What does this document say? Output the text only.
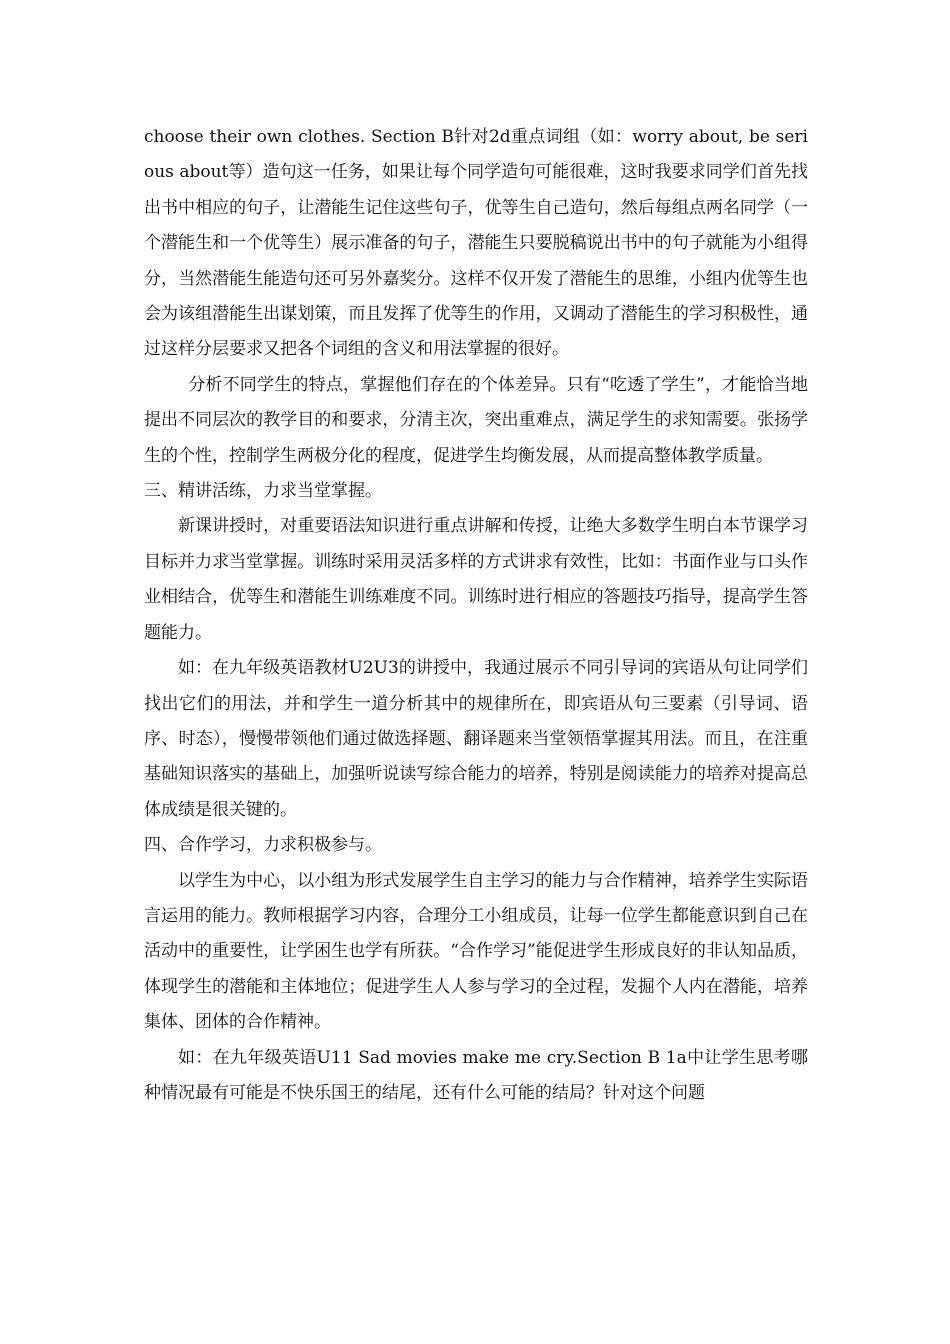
choose their own clothes. Section B针对2d重点词组（如：worry about, be serious about等）造句这一任务，如果让每个同学造句可能很难，这时我要求同学们首先找出书中相应的句子，让潜能生记住这些句子，优等生自己造句，然后每组点两名同学（一个潜能生和一个优等生）展示准备的句子，潜能生只要脱稿说出书中的句子就能为小组得分，当然潜能生能造句还可另外嘉奖分。这样不仅开发了潜能生的思维，小组内优等生也会为该组潜能生出谋划策，而且发挥了优等生的作用，又调动了潜能生的学习积极性，通过这样分层要求又把各个词组的含义和用法掌握的很好。

分析不同学生的特点，掌握他们存在的个体差异。只有“吃透了学生”，才能恰当地提出不同层次的教学目的和要求，分清主次，突出重难点，满足学生的求知需要。张扬学生的个性，控制学生两极分化的程度，促进学生均衡发展，从而提高整体教学质量。

三、精讲活练，力求当堂掌握。

新课讲授时，对重要语法知识进行重点讲解和传授，让绝大多数学生明白本节课学习目标并力求当堂掌握。训练时采用灵活多样的方式讲求有效性，比如：书面作业与口头作业相结合，优等生和潜能生训练难度不同。训练时进行相应的答题技巧指导，提高学生答题能力。

如：在九年级英语教材U2U3的讲授中，我通过展示不同引导词的宾语从句让同学们找出它们的用法，并和学生一道分析其中的规律所在，即宾语从句三要素（引导词、语序、时态），慢慢带领他们通过做选择题、翻译题来当堂领悟掌握其用法。而且，在注重基础知识落实的基础上，加强听说读写综合能力的培养，特别是阅读能力的培养对提高总体成绩是很关键的。

四、合作学习，力求积极参与。

以学生为中心，以小组为形式发展学生自主学习的能力与合作精神，培养学生实际语言运用的能力。教师根据学习内容，合理分工小组成员，让每一位学生都能意识到自己在活动中的重要性，让学困生也学有所获。“合作学习”能促进学生形成良好的非认知品质，体现学生的潜能和主体地位；促进学生人人参与学习的全过程，发掘个人内在潜能，培养集体、团体的合作精神。

如：在九年级英语U11 Sad movies make me cry.Section B 1a中让学生思考哪种情况最有可能是不快乐国王的结尾，还有什么可能的结局？针对这个问题
